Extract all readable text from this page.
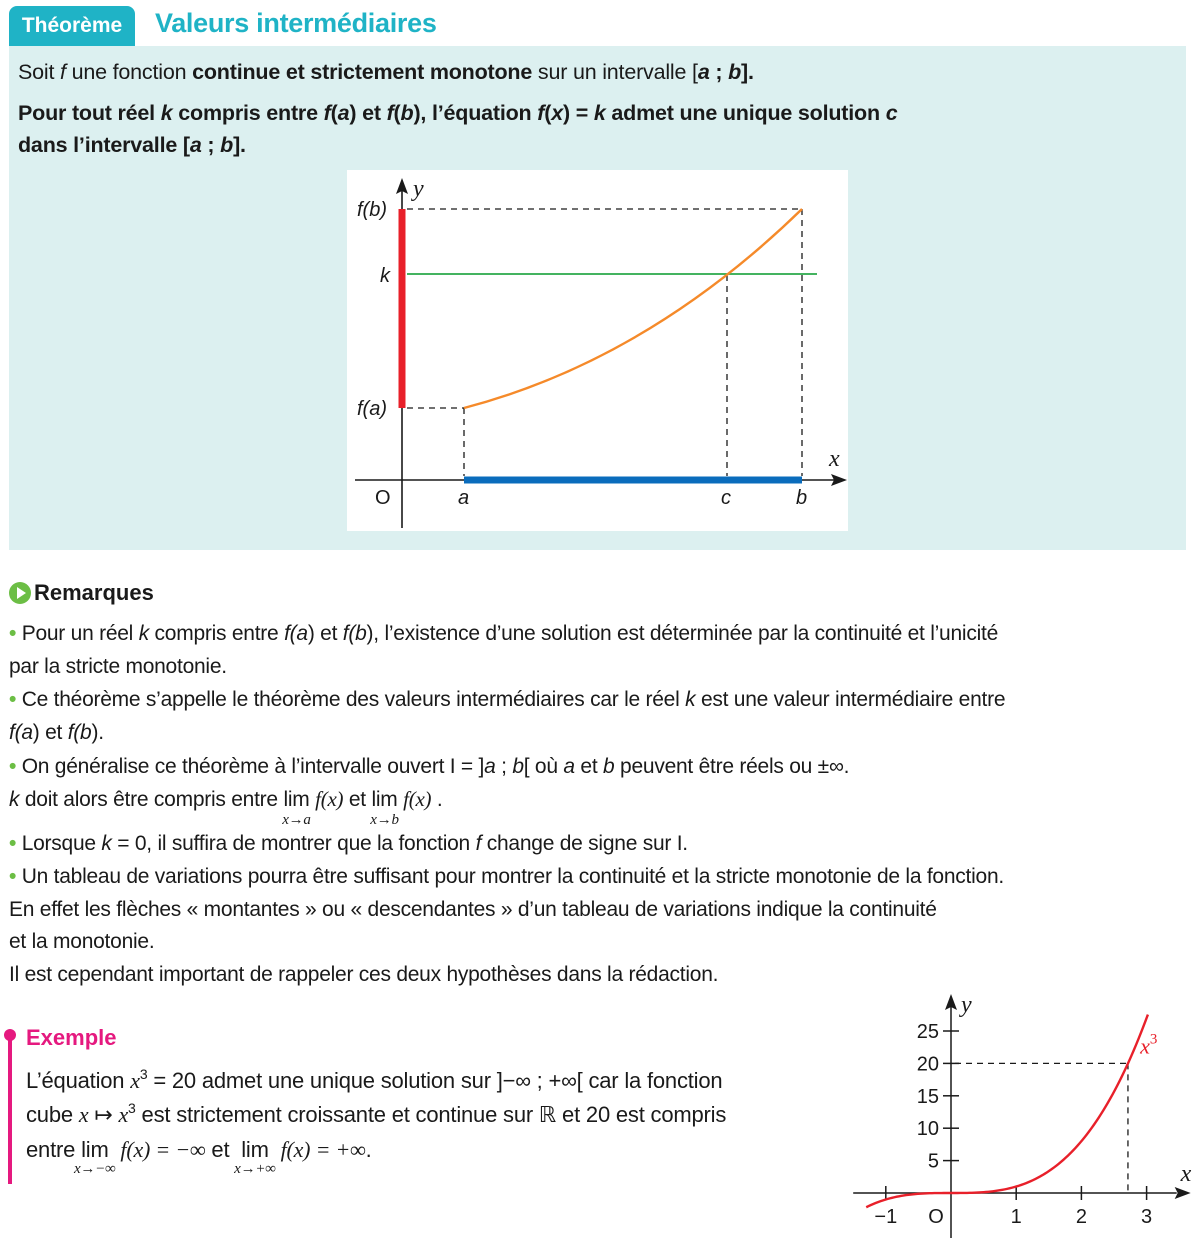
Théorème	Valeurs intermédiaires
Soit f une fonction continue et strictement monotone sur un intervalle [a ; b].
Pour tout réel k compris entre f(a) et f(b), l’équation f(x) = k admet une unique solution c
dans l’intervalle [a ; b].
f(b)
k
f(a)
O	a	c	b
x
y
Remarques
• Pour un réel k compris entre f(a) et f(b), l’existence d’une solution est déterminée par la continuité et l’unicité
par la stricte monotonie.
• Ce théorème s’appelle le théorème des valeurs intermédiaires car le réel k est une valeur intermédiaire entre
f(a) et f(b).
• On généralise ce théorème à l’intervalle ouvert I = ]a ; b[ où a et b peuvent être réels ou ±∞.
k doit alors être compris entre lim
x→a
f(x) et lim
x→b
f(x) .
• Lorsque k = 0, il suffira de montrer que la fonction f change de signe sur I.
• Un tableau de variations pourra être suffisant pour montrer la continuité et la stricte monotonie de la fonction.
En effet les flèches « montantes » ou « descendantes » d’un tableau de variations indique la continuité
et la monotonie.
Il est cependant important de rappeler ces deux hypothèses dans la rédaction.
Exemple
L’équation $x^3 = 20$ admet une unique solution sur ]−∞ ; +∞[ car la fonction
cube x ↦ $x^3$ est strictement croissante et continue sur ℝ et 20 est compris
entre lim
x→−∞
f(x) = −∞ et  lim
x→+∞
f(x) = +∞.
−1 O	1	2	3
5
10
15
20
25
x
y
$x^3$
